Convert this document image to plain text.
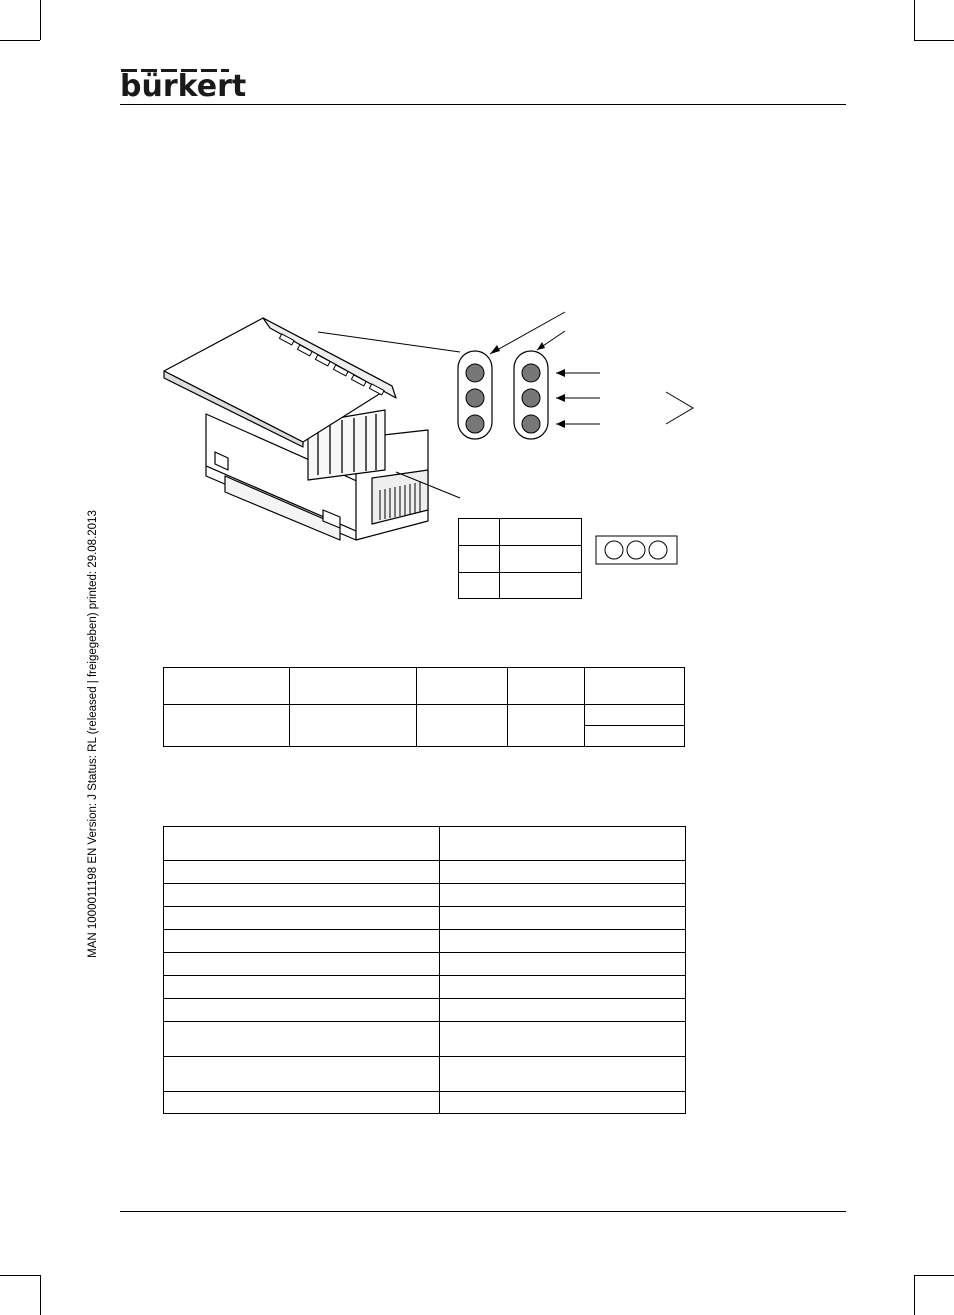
bürkert
MAN 1000011198 EN Version: J Status: RL (released | freigegeben) printed: 29.08.2013
